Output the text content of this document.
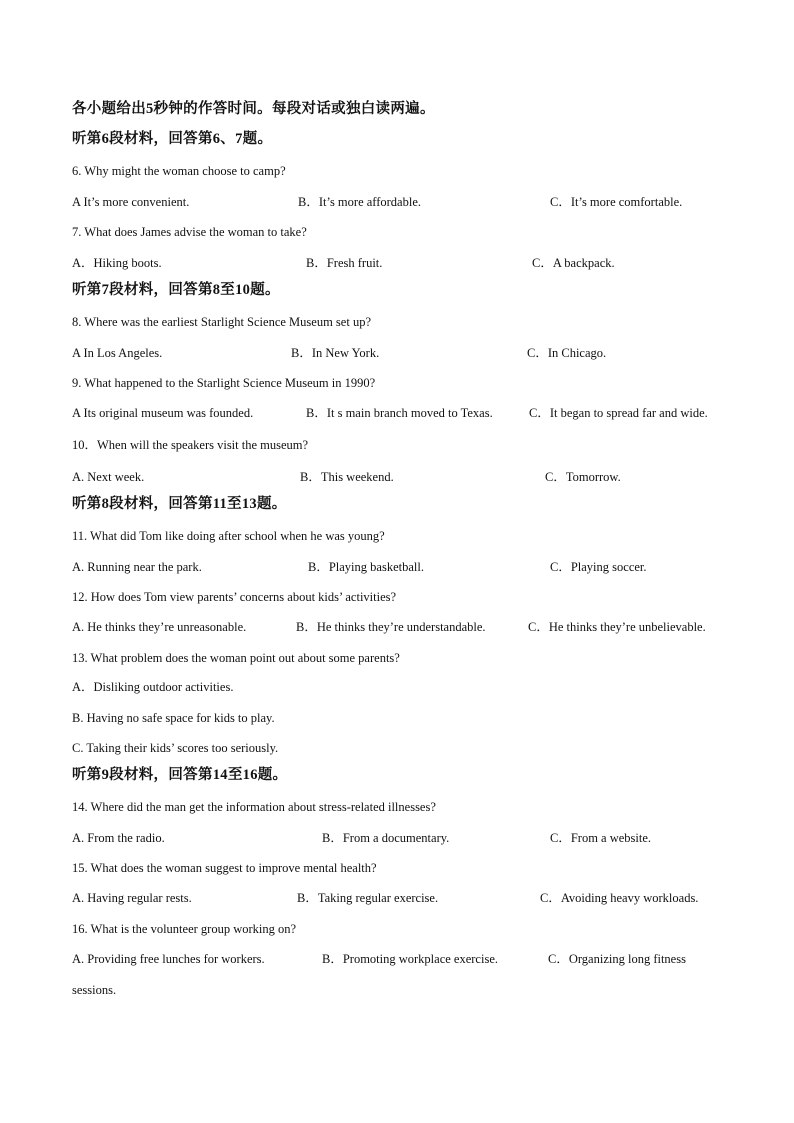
各小题给出5秒钟的作答时间。每段对话或独白读两遍。
听第6段材料，回答第6、7题。
6. Why might the woman choose to camp?
A It’s more convenient.	B．It’s more affordable.	C．It’s more comfortable.
7. What does James advise the woman to take?
A．Hiking boots.	B．Fresh fruit.	C．A backpack.
听第7段材料，回答第8至10题。
8. Where was the earliest Starlight Science Museum set up?
A In Los Angeles.	B．In New York.	C．In Chicago.
9. What happened to the Starlight Science Museum in 1990?
A Its original museum was founded.	B．It s main branch moved to Texas.	C．It began to spread far and wide.
10．When will the speakers visit the museum?
A. Next week.	B．This weekend.	C．Tomorrow.
听第8段材料，回答第11至13题。
11. What did Tom like doing after school when he was young?
A. Running near the park.	B．Playing basketball.	C．Playing soccer.
12. How does Tom view parents’ concerns about kids’ activities?
A. He thinks they’re unreasonable.	B．He thinks they’re understandable.	C．He thinks they’re unbelievable.
13. What problem does the woman point out about some parents?
A．Disliking outdoor activities.
B. Having no safe space for kids to play.
C. Taking their kids’ scores too seriously.
听第9段材料，回答第14至16题。
14. Where did the man get the information about stress-related illnesses?
A. From the radio.	B．From a documentary.	C．From a website.
15. What does the woman suggest to improve mental health?
A. Having regular rests.	B．Taking regular exercise.	C．Avoiding heavy workloads.
16. What is the volunteer group working on?
A. Providing free lunches for workers.	B．Promoting workplace exercise.	C．Organizing long fitness
sessions.
